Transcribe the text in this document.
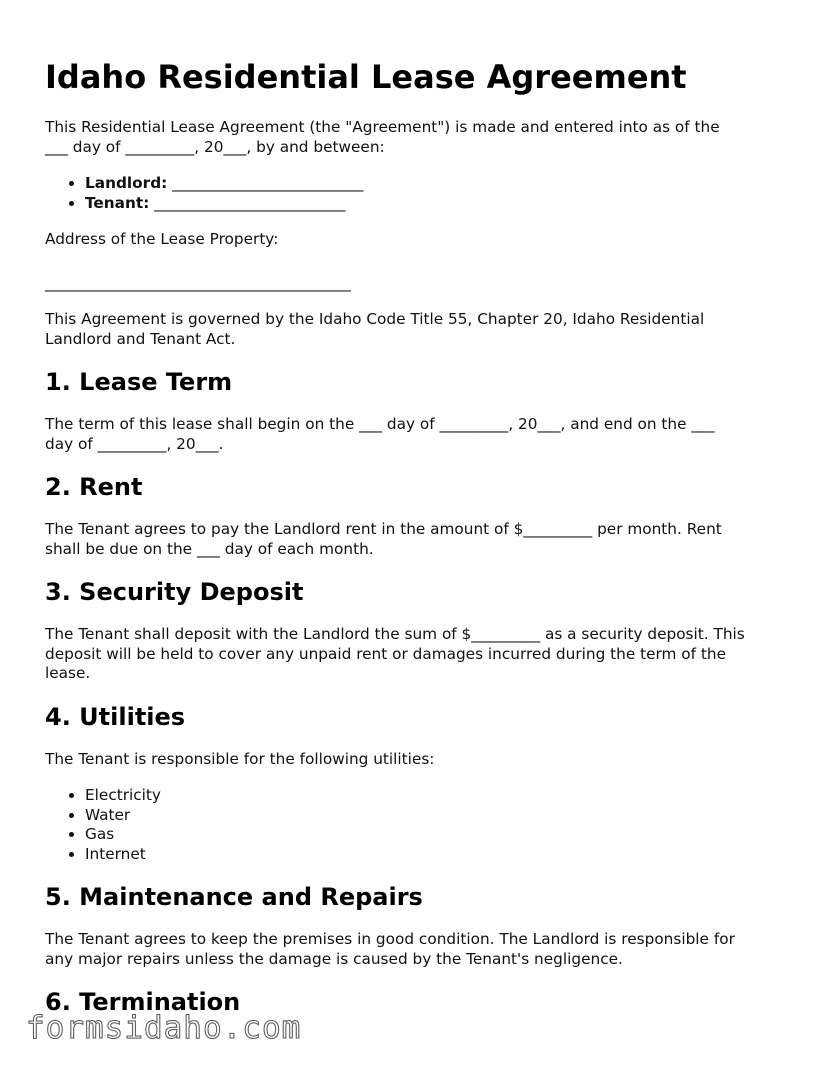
Idaho Residential Lease Agreement

This Residential Lease Agreement (the "Agreement") is made and entered into as of the
___ day of _________, 20___, by and between:

• Landlord: _________________________
• Tenant: _________________________

Address of the Lease Property:

________________________________________

This Agreement is governed by the Idaho Code Title 55, Chapter 20, Idaho Residential
Landlord and Tenant Act.

1. Lease Term

The term of this lease shall begin on the ___ day of _________, 20___, and end on the ___
day of _________, 20___.

2. Rent

The Tenant agrees to pay the Landlord rent in the amount of $_________ per month. Rent
shall be due on the ___ day of each month.

3. Security Deposit

The Tenant shall deposit with the Landlord the sum of $_________ as a security deposit. This
deposit will be held to cover any unpaid rent or damages incurred during the term of the
lease.

4. Utilities

The Tenant is responsible for the following utilities:

• Electricity
• Water
• Gas
• Internet
5. Maintenance and Repairs

The Tenant agrees to keep the premises in good condition. The Landlord is responsible for
any major repairs unless the damage is caused by the Tenant's negligence.

6. Termination
formsidaho.com
